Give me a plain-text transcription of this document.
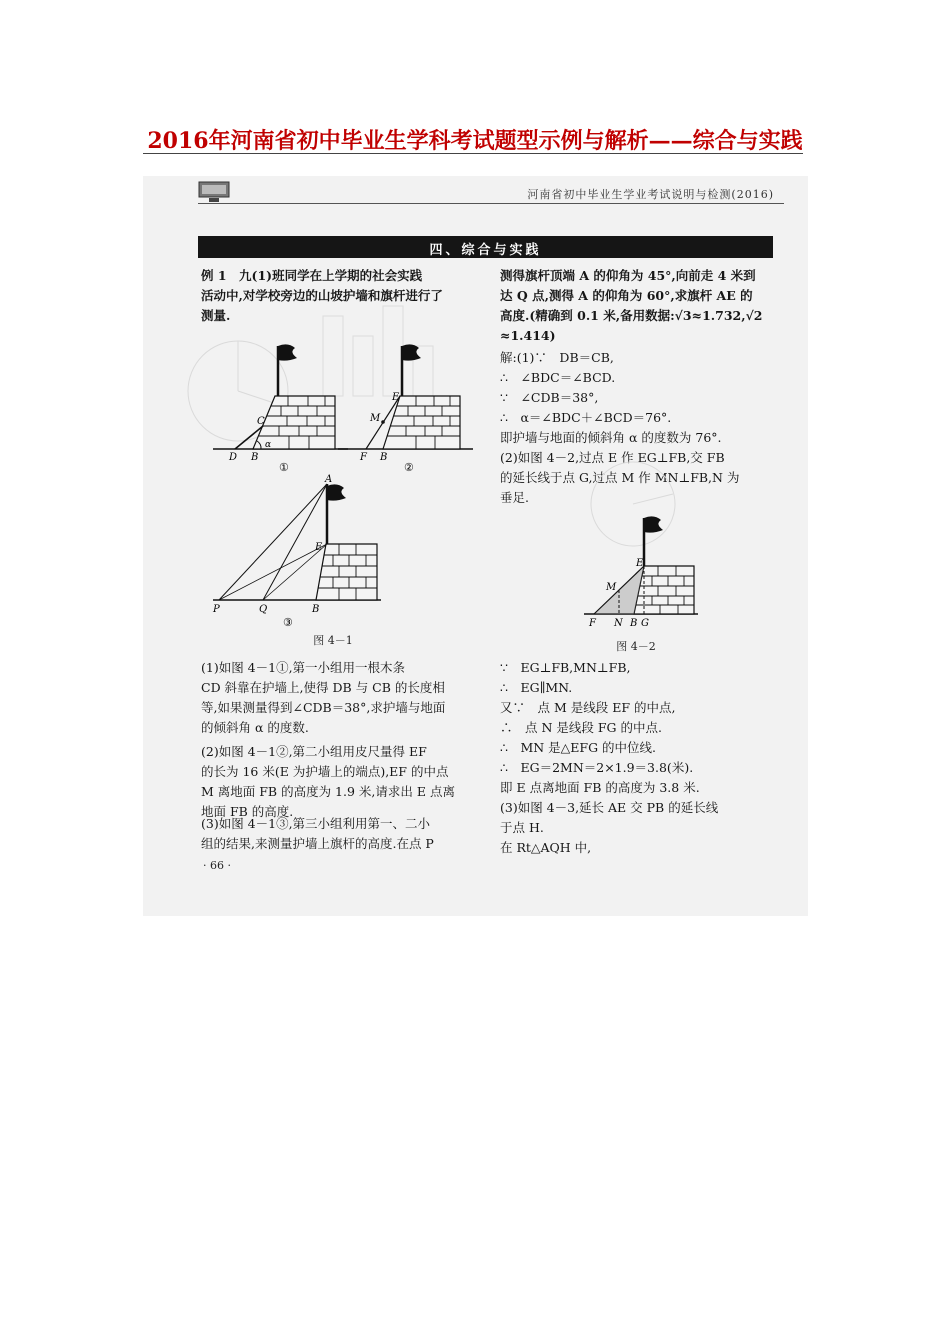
2016年河南省初中毕业生学科考试题型示例与解析——综合与实践
河南省初中毕业生学业考试说明与检测(2016)
四、综合与实践

例 1　九(1)班同学在上学期的社会实践

活动中,对学校旁边的山坡护墙和旗杆进行了

测量.

C
D B
α
①
E
M
F B
②
A
E
P	Q	B
③
图 4－1

(1)如图 4－1①,第一小组用一根木条

CD 斜靠在护墙上,使得 DB 与 CB 的长度相

等,如果测量得到∠CDB＝38°,求护墙与地面

的倾斜角 α 的度数.

(2)如图 4－1②,第二小组用皮尺量得 EF

的长为 16 米(E 为护墙上的端点),EF 的中点

M 离地面 FB 的高度为 1.9 米,请求出 E 点离

地面 FB 的高度.

(3)如图 4－1③,第三小组利用第一、二小

组的结果,来测量护墙上旗杆的高度.在点 P

· 66 ·

测得旗杆顶端 A 的仰角为 45°,向前走 4 米到

达 Q 点,测得 A 的仰角为 60°,求旗杆 AE 的

高度.(精确到 0.1 米,备用数据:√3≈1.732,√2

≈1.414)

解:(1)∵　DB＝CB,

∴　∠BDC＝∠BCD.

∵　∠CDB＝38°,

∴　α＝∠BDC＋∠BCD＝76°.

即护墙与地面的倾斜角 α 的度数为 76°.

(2)如图 4－2,过点 E 作 EG⊥FB,交 FB

的延长线于点 G,过点 M 作 MN⊥FB,N 为

垂足.

E
M
F N B G
图 4－2

∵　EG⊥FB,MN⊥FB,

∴　EG∥MN.

又∵　点 M 是线段 EF 的中点,

∴　点 N 是线段 FG 的中点.

∴　MN 是△EFG 的中位线.

∴　EG＝2MN＝2×1.9＝3.8(米).

即 E 点离地面 FB 的高度为 3.8 米.

(3)如图 4－3,延长 AE 交 PB 的延长线

于点 H.

在 Rt△AQH 中,
